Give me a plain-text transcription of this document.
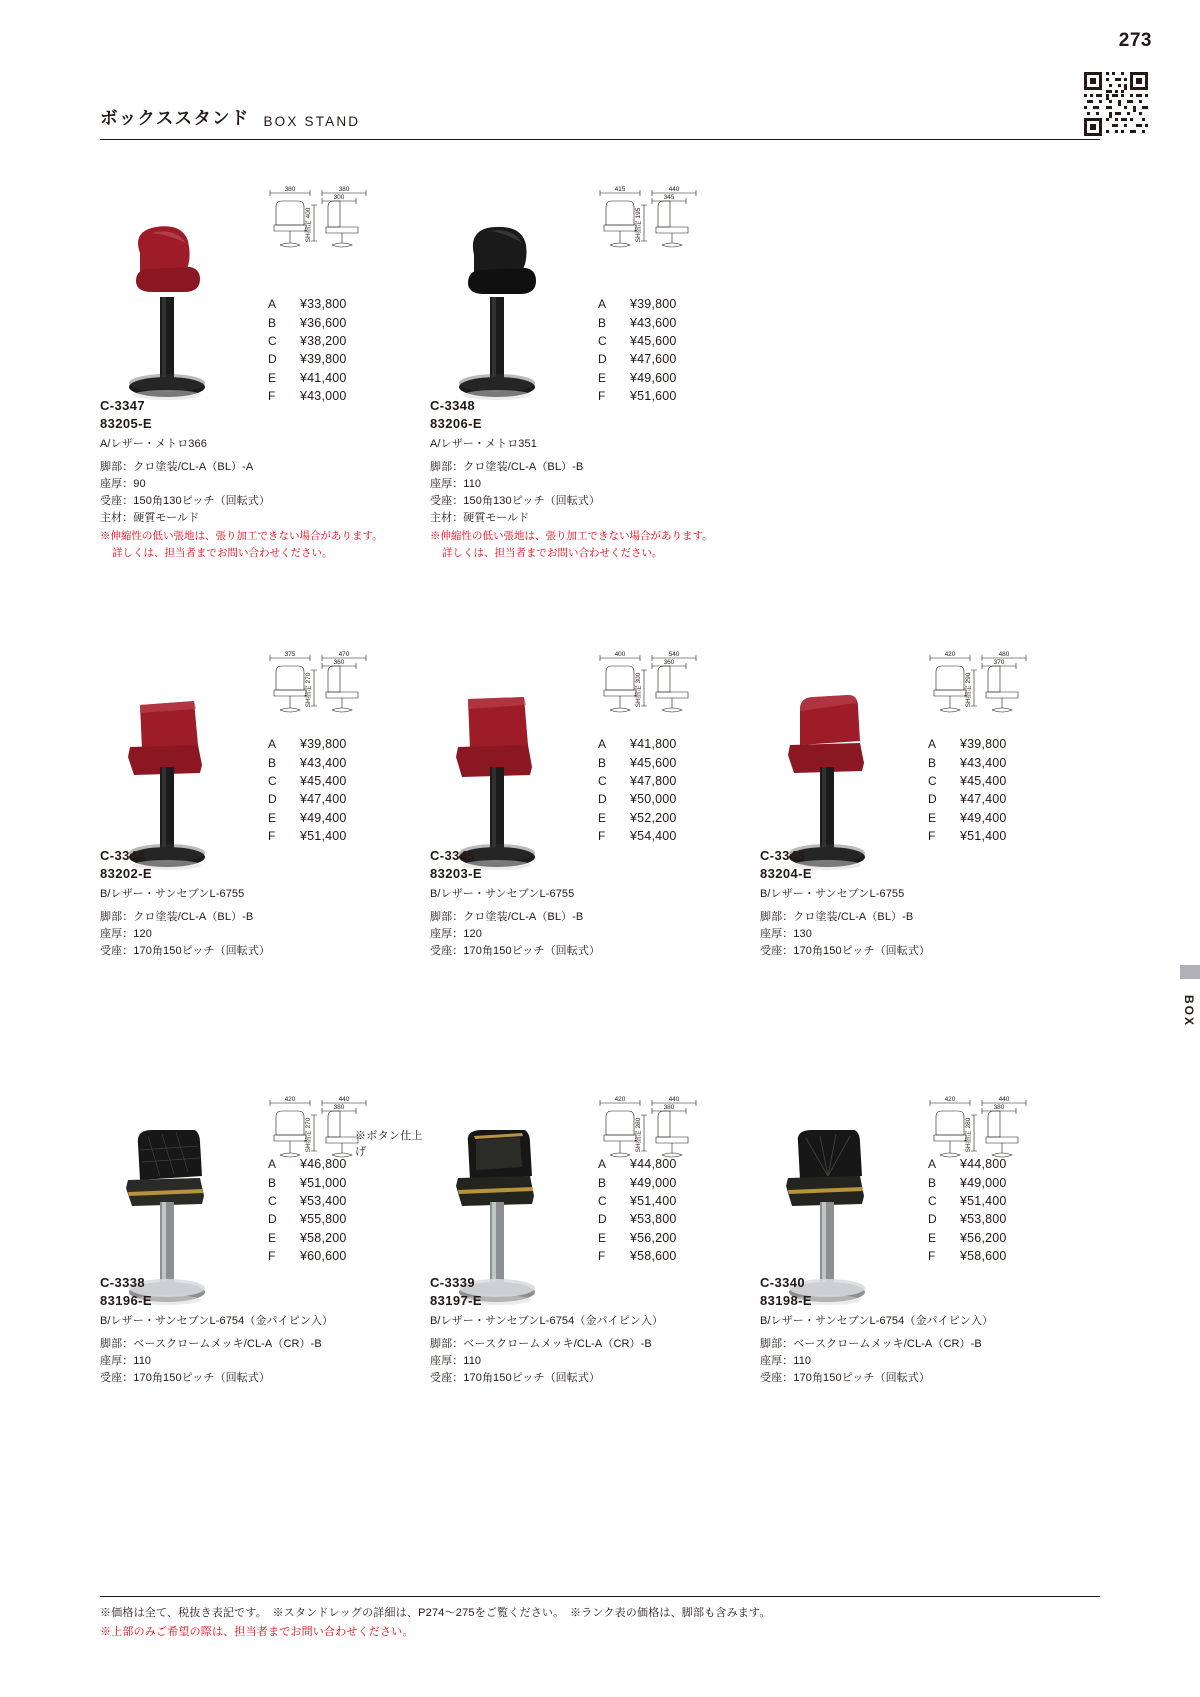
273
ボックススタンド BOX STAND
BOX
380	380
300
SH指定 400
A	¥33,800
B	¥36,600
C	¥38,200
D	¥39,800
E	¥41,400
F	¥43,000
C-3347
83205-E
A/レザー・メトロ366
脚部：クロ塗装/CL-A（BL）-A
座厚：90
受座：150角130ピッチ（回転式）
主材：硬質モールド
※伸縮性の低い張地は、張り加工できない場合があります。
詳しくは、担当者までお問い合わせください。
415	440
345
SH指定 195
A	¥39,800
B	¥43,600
C	¥45,600
D	¥47,600
E	¥49,600
F	¥51,600
C-3348
83206-E
A/レザー・メトロ351
脚部：クロ塗装/CL-A（BL）-B
座厚：110
受座：150角130ピッチ（回転式）
主材：硬質モールド
※伸縮性の低い張地は、張り加工できない場合があります。
詳しくは、担当者までお問い合わせください。
375	470
360
SH指定 270
A	¥39,800
B	¥43,400
C	¥45,400
D	¥47,400
E	¥49,400
F	¥51,400
C-3344
83202-E
B/レザー・サンセブンL-6755
脚部：クロ塗装/CL-A（BL）-B
座厚：120
受座：170角150ピッチ（回転式）
400	540
360
SH指定 300
A	¥41,800
B	¥45,600
C	¥47,800
D	¥50,000
E	¥52,200
F	¥54,400
C-3345
83203-E
B/レザー・サンセブンL-6755
脚部：クロ塗装/CL-A（BL）-B
座厚：120
受座：170角150ピッチ（回転式）
420	480
370
SH指定 290
A	¥39,800
B	¥43,400
C	¥45,400
D	¥47,400
E	¥49,400
F	¥51,400
C-3346
83204-E
B/レザー・サンセブンL-6755
脚部：クロ塗装/CL-A（BL）-B
座厚：130
受座：170角150ピッチ（回転式）
420	440
380
SH指定 270	※ボタン仕上げ
A	¥46,800
B	¥51,000
C	¥53,400
D	¥55,800
E	¥58,200
F	¥60,600
C-3338
83196-E
B/レザー・サンセブンL-6754（金パイピン入）
脚部：ベースクロームメッキ/CL-A（CR）-B
座厚：110
受座：170角150ピッチ（回転式）
420	440
380
SH指定 280
A	¥44,800
B	¥49,000
C	¥51,400
D	¥53,800
E	¥56,200
F	¥58,600
C-3339
83197-E
B/レザー・サンセブンL-6754（金パイピン入）
脚部：ベースクロームメッキ/CL-A（CR）-B
座厚：110
受座：170角150ピッチ（回転式）
420	440
380
SH指定 280
A	¥44,800
B	¥49,000
C	¥51,400
D	¥53,800
E	¥56,200
F	¥58,600
C-3340
83198-E
B/レザー・サンセブンL-6754（金パイピン入）
脚部：ベースクロームメッキ/CL-A（CR）-B
座厚：110
受座：170角150ピッチ（回転式）
※価格は全て、税抜き表記です。　※スタンドレッグの詳細は、P274～275をご覧ください。　※ランク表の価格は、脚部も含みます。
※上部のみご希望の際は、担当者までお問い合わせください。
